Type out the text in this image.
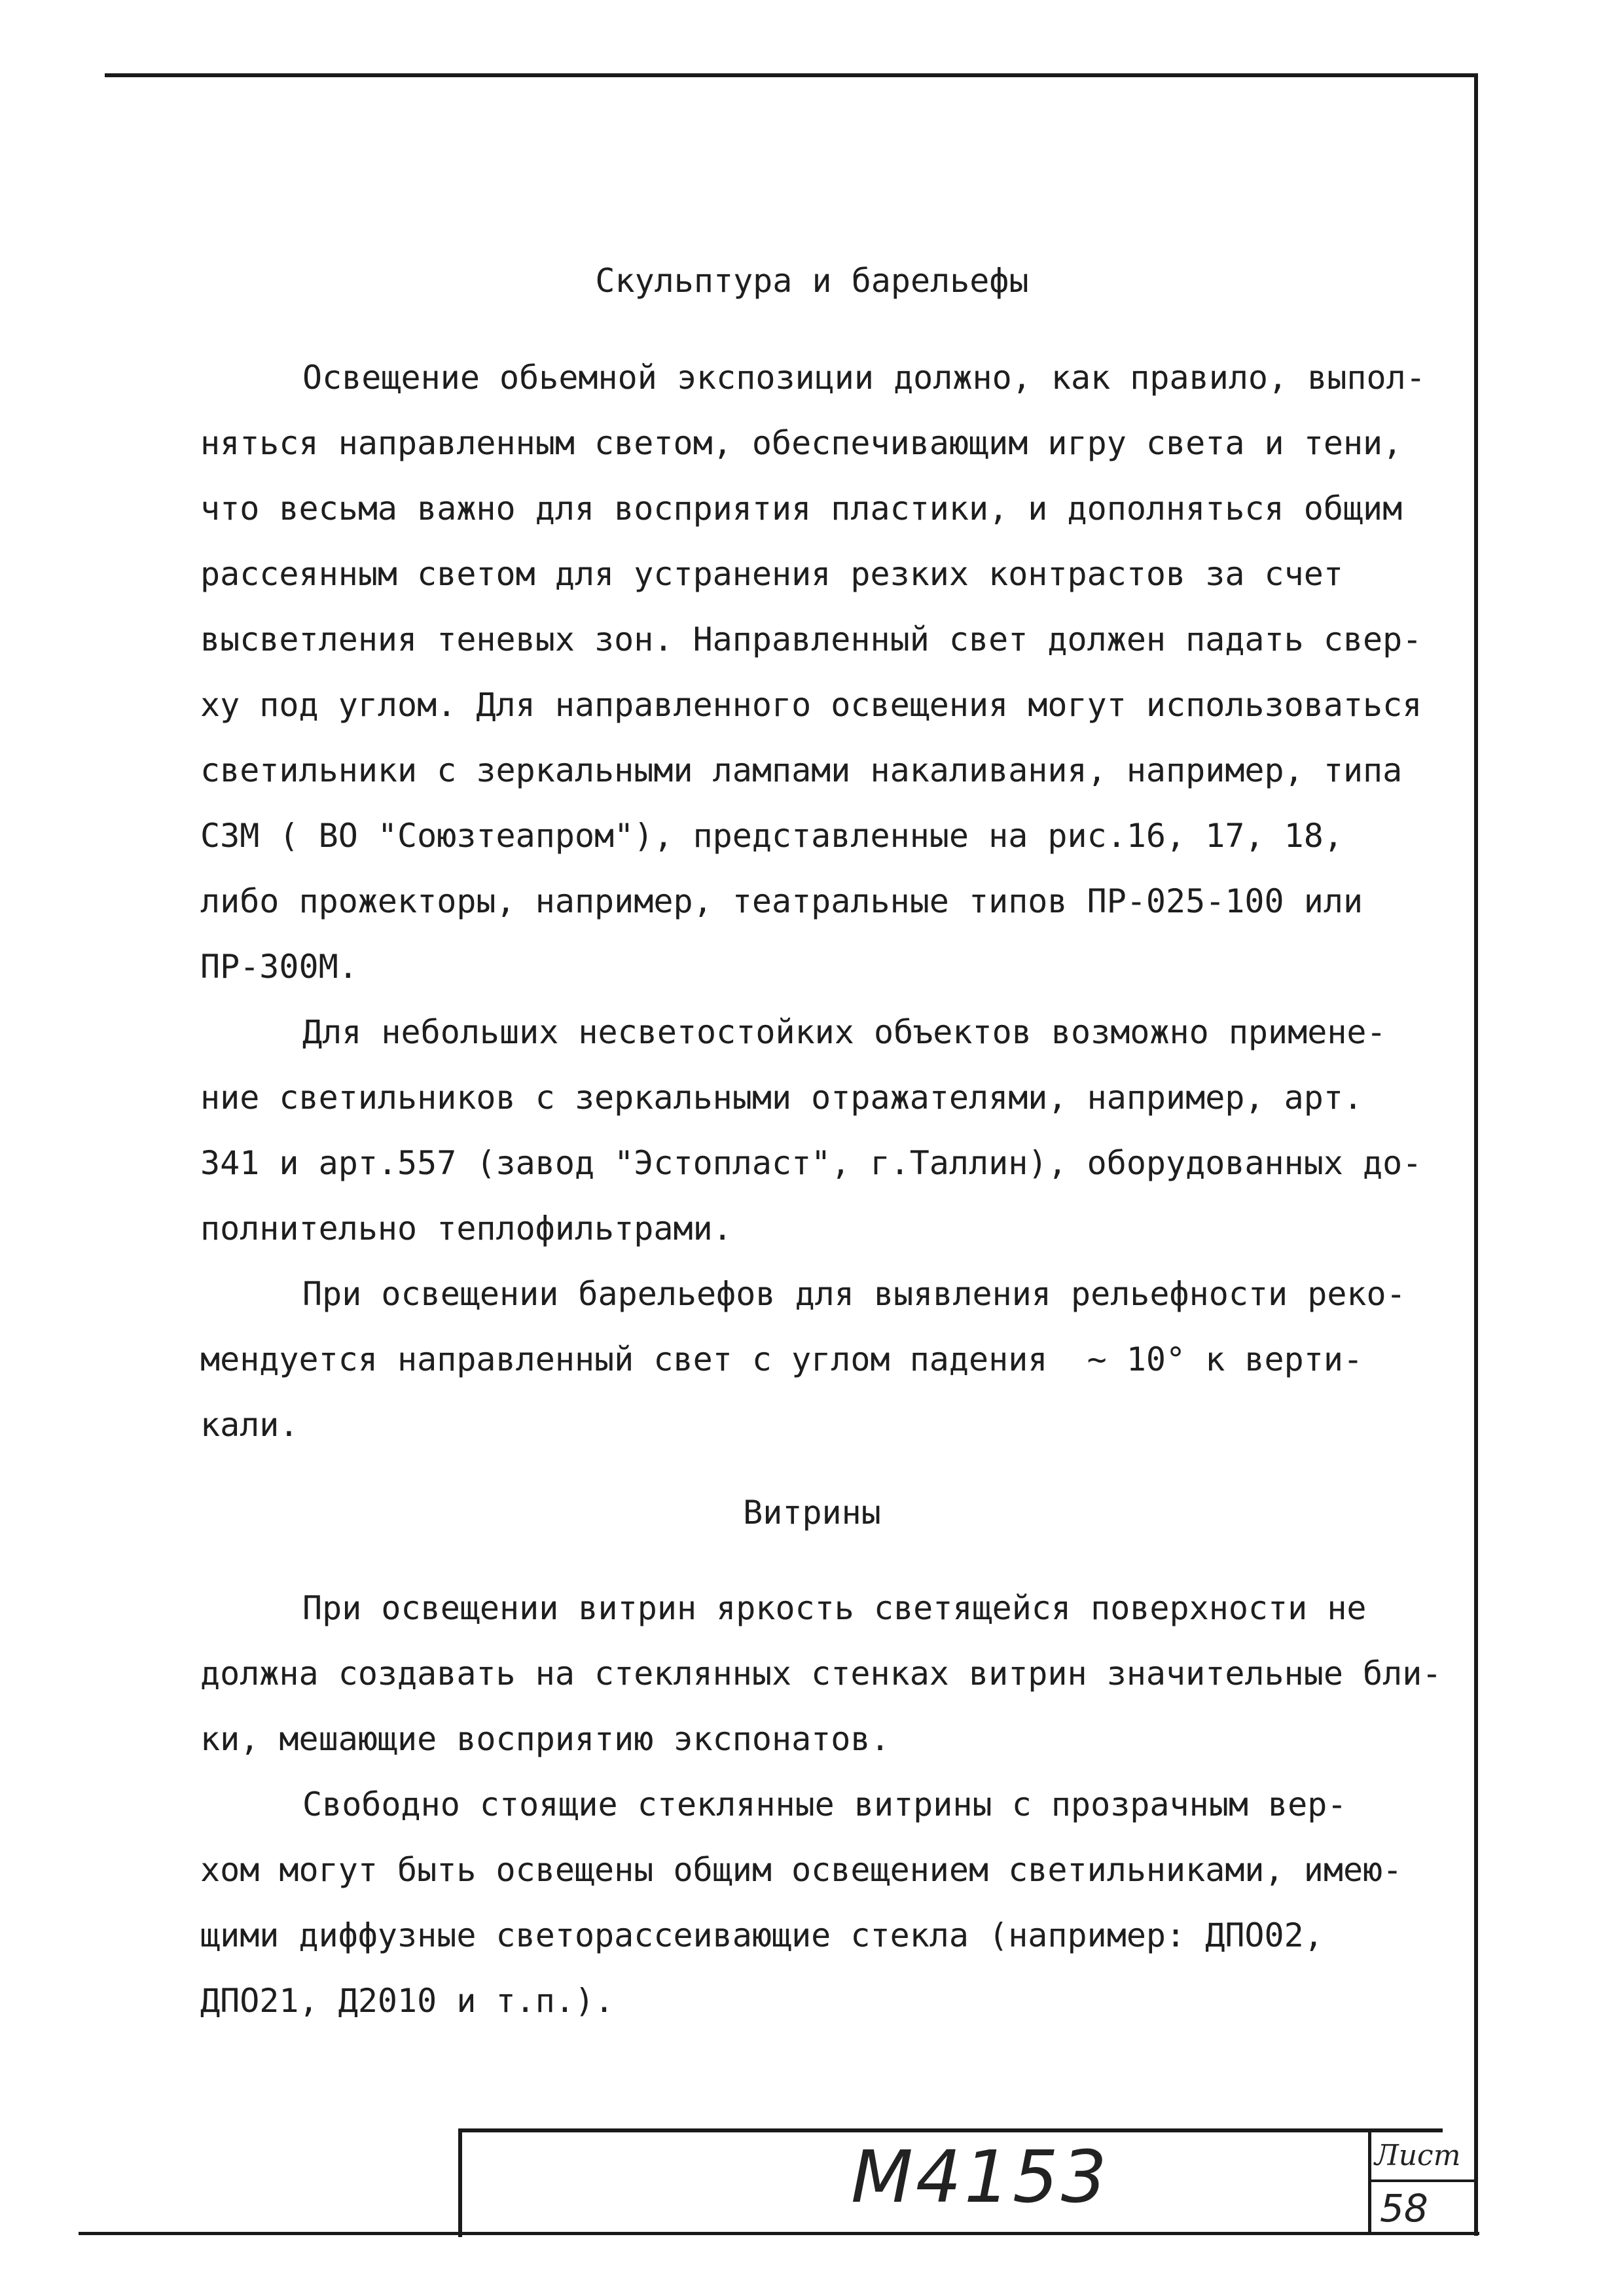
Скульптура и барельефы
Освещение обьемной экспозиции должно, как правило, выпол-
няться направленным светом, обеспечивающим игру света и тени,
что весьма важно для восприятия пластики, и дополняться общим
рассеянным светом для устранения резких контрастов за счет
высветления теневых зон. Направленный свет должен падать свер-
ху под углом. Для направленного освещения могут использоваться
светильники с зеркальными лампами накаливания, например, типа
СЗМ ( ВО "Союзтеапром"), представленные на рис.16, 17, 18,
либо прожекторы, например, театральные типов ПР-025-100 или
ПР-300М.
Для небольших несветостойких объектов возможно примене-
ние светильников с зеркальными отражателями, например, арт.
341 и арт.557 (завод "Эстопласт", г.Таллин), оборудованных до-
полнительно теплофильтрами.
При освещении барельефов для выявления рельефности реко-
мендуется направленный свет с углом падения  ~ 10° к верти-
кали.
Витрины
При освещении витрин яркость светящейся поверхности не
должна создавать на стеклянных стенках витрин значительные бли-
ки, мешающие восприятию экспонатов.
Свободно стоящие стеклянные витрины с прозрачным вер-
хом могут быть освещены общим освещением светильниками, имею-
щими диффузные светорассеивающие стекла (например: ДПО02,
ДПО21, Д2010 и т.п.).
М4153	Лист
58
